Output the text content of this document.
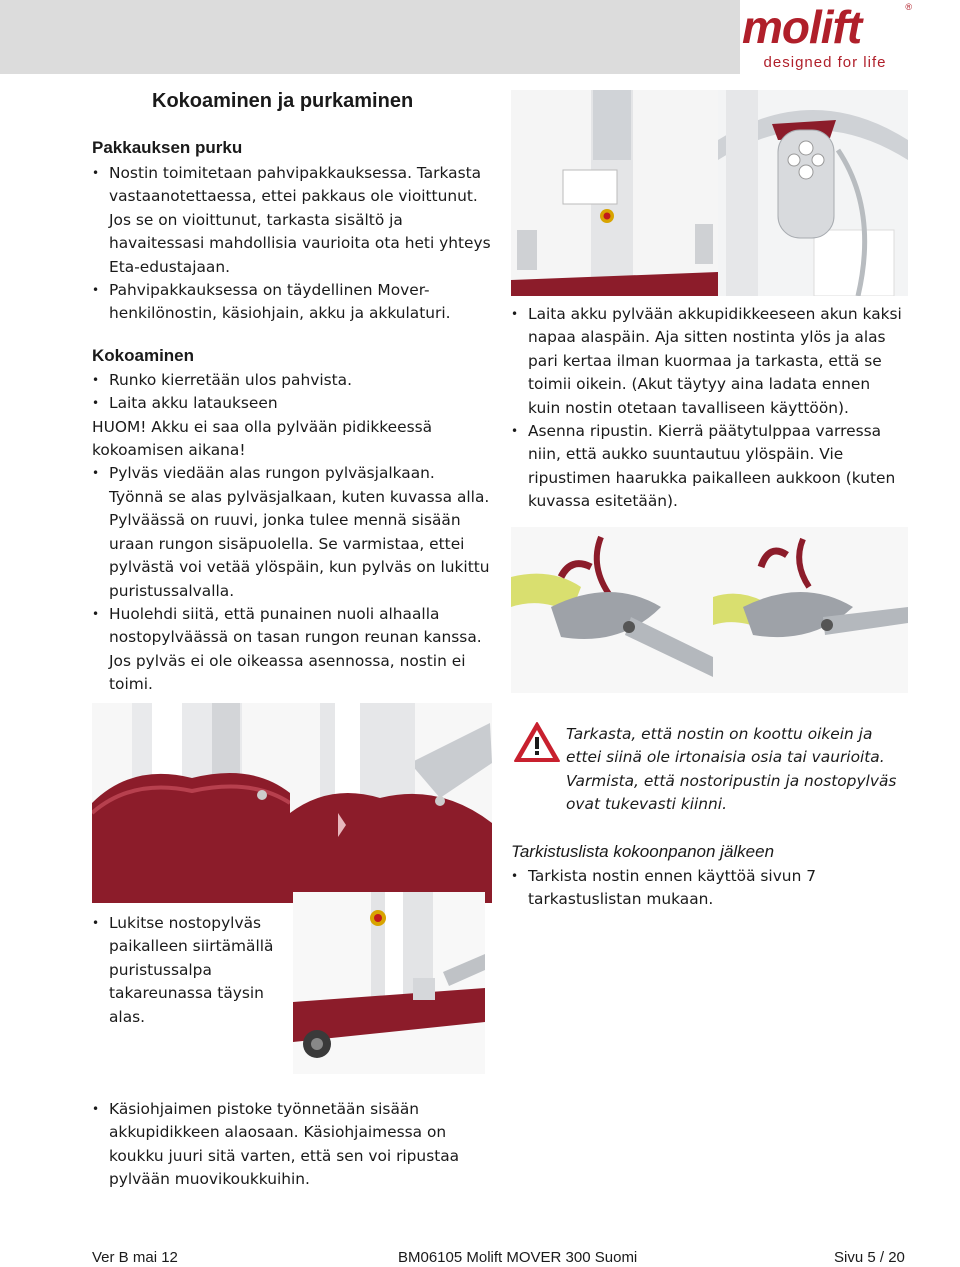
molift	®
designed for life
Kokoaminen ja purkaminen
Pakkauksen purku
• Nostin toimitetaan pahvipakkauksessa. Tarkasta vastaanotettaessa, ettei pakkaus ole vioittunut. Jos se on vioittunut, tarkasta sisältö ja havaitessasi mahdollisia vaurioita ota heti yhteys Eta-edustajaan.
• Pahvipakkauksessa on täydellinen Mover-henkilönostin, käsiohjain, akku ja akkulaturi.
Kokoaminen
• Runko kierretään ulos pahvista.
• Laita akku lataukseen

HUOM! Akku ei saa olla pylvään pidikkeessä kokoamisen aikana!

• Pylväs viedään alas rungon pylväsjalkaan. Työnnä se alas pylväsjalkaan, kuten kuvassa alla. Pylväässä on ruuvi, jonka tulee mennä sisään uraan rungon sisäpuolella. Se varmistaa, ettei pylvästä voi vetää ylöspäin, kun pylväs on lukittu puristussalvalla.
• Huolehdi siitä, että punainen nuoli alhaalla nostopylväässä on tasan rungon reunan kanssa. Jos pylväs ei ole oikeassa asennossa, nostin ei toimi.
• Lukitse nostopylväs paikalleen siirtämällä puristussalpa takareunassa täysin alas.
• Käsiohjaimen pistoke työnnetään sisään akkupidikkeen alaosaan. Käsiohjaimessa on koukku juuri sitä varten, että sen voi ripustaa pylvään muovikoukkuihin.
• Laita akku pylvään akkupidikkeeseen akun kaksi napaa alaspäin. Aja sitten nostinta ylös ja alas pari kertaa ilman kuormaa ja tarkasta, että se toimii oikein. (Akut täytyy aina ladata ennen kuin nostin otetaan tavalliseen käyttöön).
• Asenna ripustin. Kierrä päätytulppaa varressa niin, että aukko suuntautuu ylöspäin. Vie ripustimen haarukka paikalleen aukkoon (kuten kuvassa esitetään).
Tarkasta, että nostin on koottu oikein ja ettei siinä ole irtonaisia osia tai vaurioita. Varmista, että nostoripustin ja nostopylväs ovat tukevasti kiinni.
Tarkistuslista kokoonpanon jälkeen
• Tarkista nostin ennen käyttöä sivun 7 tarkastuslistan mukaan.
Ver B mai 12	BM06105 Molift MOVER 300 Suomi	Sivu 5 / 20
